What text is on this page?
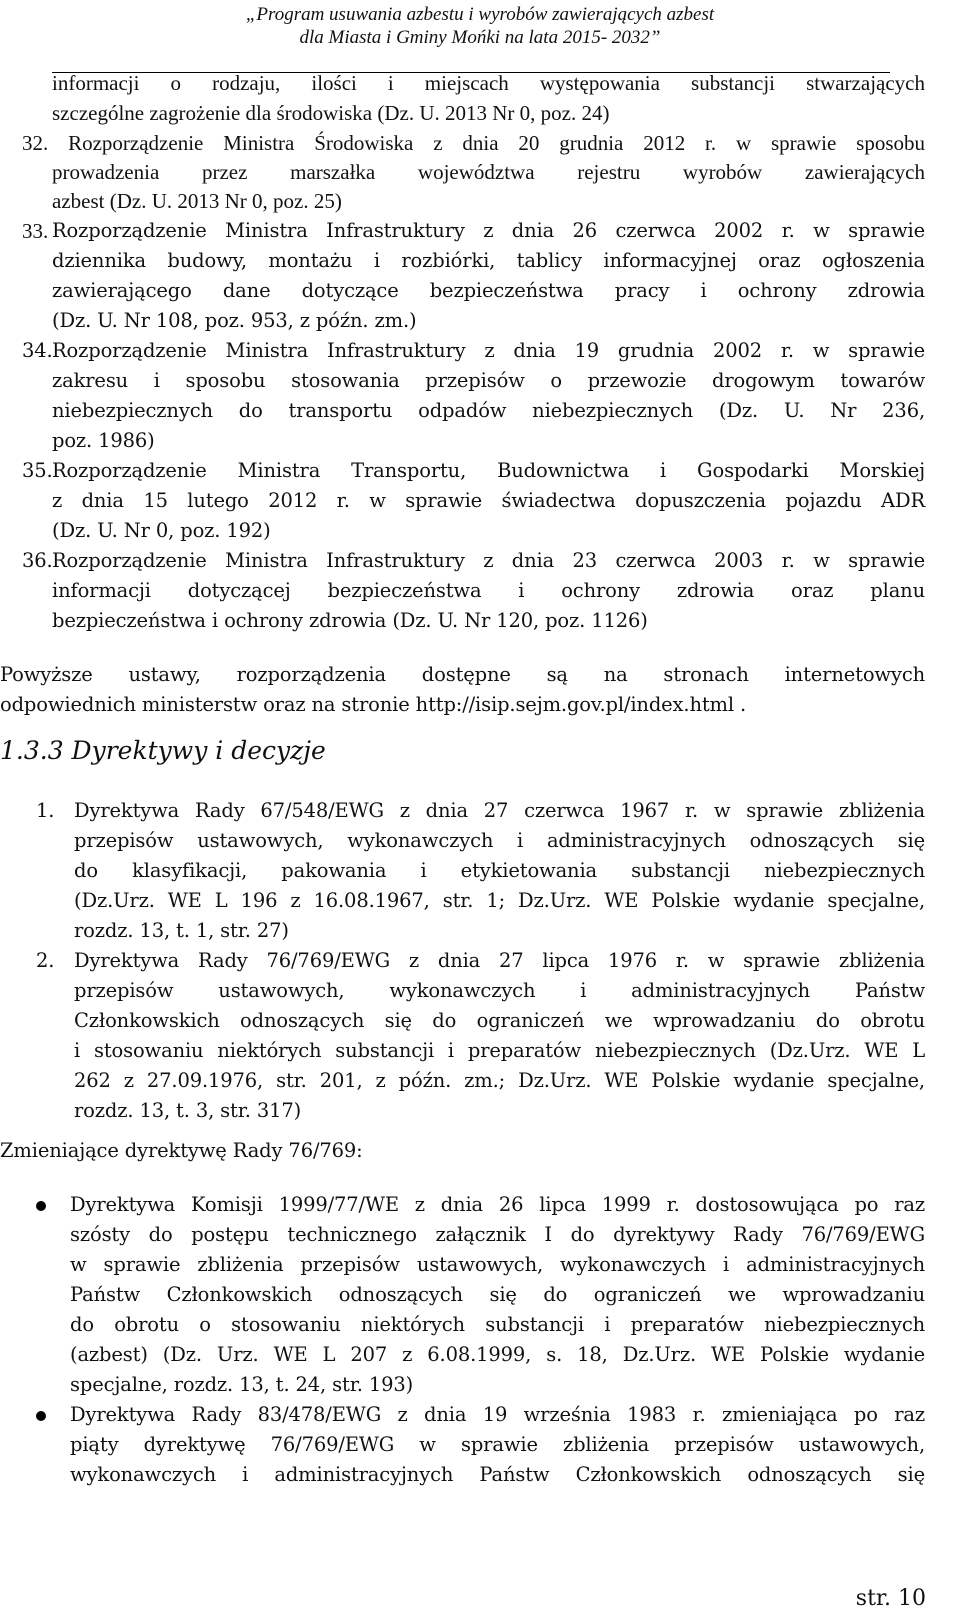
„Program usuwania azbestu i wyrobów zawierających azbest
dla Miasta i Gminy Mońki na lata 2015- 2032”
informacji o rodzaju, ilości i miejscach występowania substancji stwarzających
szczególne zagrożenie dla środowiska (Dz. U. 2013 Nr 0, poz. 24)
32. Rozporządzenie Ministra Środowiska z dnia 20 grudnia 2012 r. w sprawie sposobu
prowadzenia przez marszałka województwa rejestru wyrobów zawierających
azbest (Dz. U. 2013 Nr 0, poz. 25)
33. Rozporządzenie Ministra Infrastruktury z dnia 26 czerwca 2002 r. w sprawie
dziennika budowy, montażu i rozbiórki, tablicy informacyjnej oraz ogłoszenia
zawierającego dane dotyczące bezpieczeństwa pracy i ochrony zdrowia
(Dz. U. Nr 108, poz. 953, z późn. zm.)
34. Rozporządzenie Ministra Infrastruktury z dnia 19 grudnia 2002 r. w sprawie
zakresu i sposobu stosowania przepisów o przewozie drogowym towarów
niebezpiecznych do transportu odpadów niebezpiecznych (Dz. U. Nr 236,
poz. 1986)
35. Rozporządzenie Ministra Transportu, Budownictwa i Gospodarki Morskiej
z dnia 15 lutego 2012 r. w sprawie świadectwa dopuszczenia pojazdu ADR
(Dz. U. Nr 0, poz. 192)
36. Rozporządzenie Ministra Infrastruktury z dnia 23 czerwca 2003 r. w sprawie
informacji dotyczącej bezpieczeństwa i ochrony zdrowia oraz planu
bezpieczeństwa i ochrony zdrowia (Dz. U. Nr 120, poz. 1126)
Powyższe ustawy, rozporządzenia dostępne są na stronach internetowych
odpowiednich ministerstw oraz na stronie http://isip.sejm.gov.pl/index.html .
1.3.3 Dyrektywy i decyzje
1. Dyrektywa Rady 67/548/EWG z dnia 27 czerwca 1967 r. w sprawie zbliżenia
przepisów ustawowych, wykonawczych i administracyjnych odnoszących się
do klasyfikacji, pakowania i etykietowania substancji niebezpiecznych
(Dz.Urz. WE L 196 z 16.08.1967, str. 1; Dz.Urz. WE Polskie wydanie specjalne,
rozdz. 13, t. 1, str. 27)
2. Dyrektywa Rady 76/769/EWG z dnia 27 lipca 1976 r. w sprawie zbliżenia
przepisów ustawowych, wykonawczych i administracyjnych Państw
Członkowskich odnoszących się do ograniczeń we wprowadzaniu do obrotu
i stosowaniu niektórych substancji i preparatów niebezpiecznych (Dz.Urz. WE L
262 z 27.09.1976, str. 201, z późn. zm.; Dz.Urz. WE Polskie wydanie specjalne,
rozdz. 13, t. 3, str. 317)
Zmieniające dyrektywę Rady 76/769:
Dyrektywa Komisji 1999/77/WE z dnia 26 lipca 1999 r. dostosowująca po raz
szósty do postępu technicznego załącznik I do dyrektywy Rady 76/769/EWG
w sprawie zbliżenia przepisów ustawowych, wykonawczych i administracyjnych
Państw Członkowskich odnoszących się do ograniczeń we wprowadzaniu
do obrotu o stosowaniu niektórych substancji i preparatów niebezpiecznych
(azbest) (Dz. Urz. WE L 207 z 6.08.1999, s. 18, Dz.Urz. WE Polskie wydanie
specjalne, rozdz. 13, t. 24, str. 193)
Dyrektywa Rady 83/478/EWG z dnia 19 września 1983 r. zmieniająca po raz
piąty dyrektywę 76/769/EWG w sprawie zbliżenia przepisów ustawowych,
wykonawczych i administracyjnych Państw Członkowskich odnoszących się
str. 10
